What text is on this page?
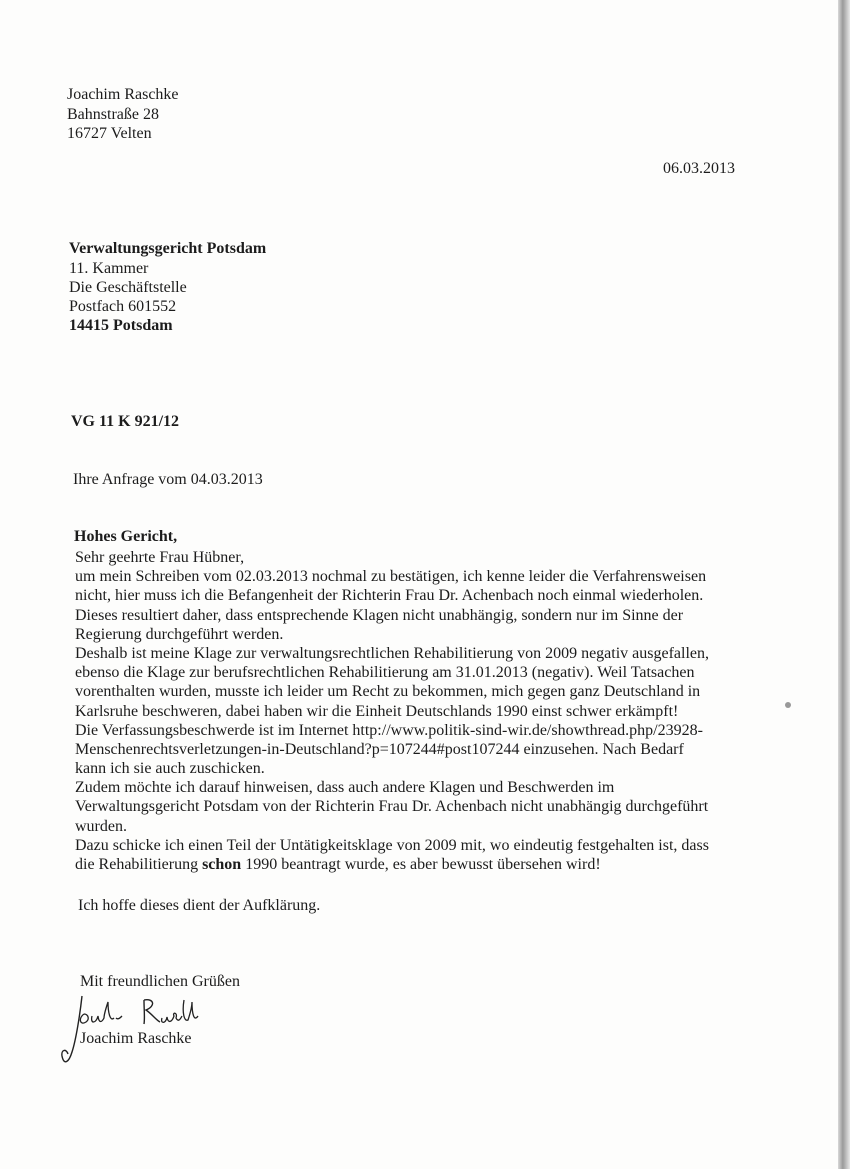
Joachim Raschke
Bahnstraße 28
16727 Velten
06.03.2013
Verwaltungsgericht Potsdam
11. Kammer
Die Geschäftstelle
Postfach 601552
14415 Potsdam
VG 11 K 921/12
Ihre Anfrage vom 04.03.2013
Hohes Gericht,
Sehr geehrte Frau Hübner,
um mein Schreiben vom 02.03.2013 nochmal zu bestätigen, ich kenne leider die Verfahrensweisen
nicht, hier muss ich die Befangenheit der Richterin Frau Dr. Achenbach noch einmal wiederholen.
Dieses resultiert daher, dass entsprechende Klagen nicht unabhängig, sondern nur im Sinne der
Regierung durchgeführt werden.
Deshalb ist meine Klage zur verwaltungsrechtlichen Rehabilitierung von 2009 negativ ausgefallen,
ebenso die Klage zur berufsrechtlichen Rehabilitierung am 31.01.2013 (negativ). Weil Tatsachen
vorenthalten wurden, musste ich leider um Recht zu bekommen, mich gegen ganz Deutschland in
Karlsruhe beschweren, dabei haben wir die Einheit Deutschlands 1990 einst schwer erkämpft!
Die Verfassungsbeschwerde ist im Internet http://www.politik-sind-wir.de/showthread.php/23928-
Menschenrechtsverletzungen-in-Deutschland?p=107244#post107244 einzusehen. Nach Bedarf
kann ich sie auch zuschicken.
Zudem möchte ich darauf hinweisen, dass auch andere Klagen und Beschwerden im
Verwaltungsgericht Potsdam von der Richterin Frau Dr. Achenbach nicht unabhängig durchgeführt
wurden.
Dazu schicke ich einen Teil der Untätigkeitsklage von 2009 mit, wo eindeutig festgehalten ist, dass
die Rehabilitierung schon 1990 beantragt wurde, es aber bewusst übersehen wird!
Ich hoffe dieses dient der Aufklärung.
Mit freundlichen Grüßen
Joachim Raschke
Joachim Raschke
